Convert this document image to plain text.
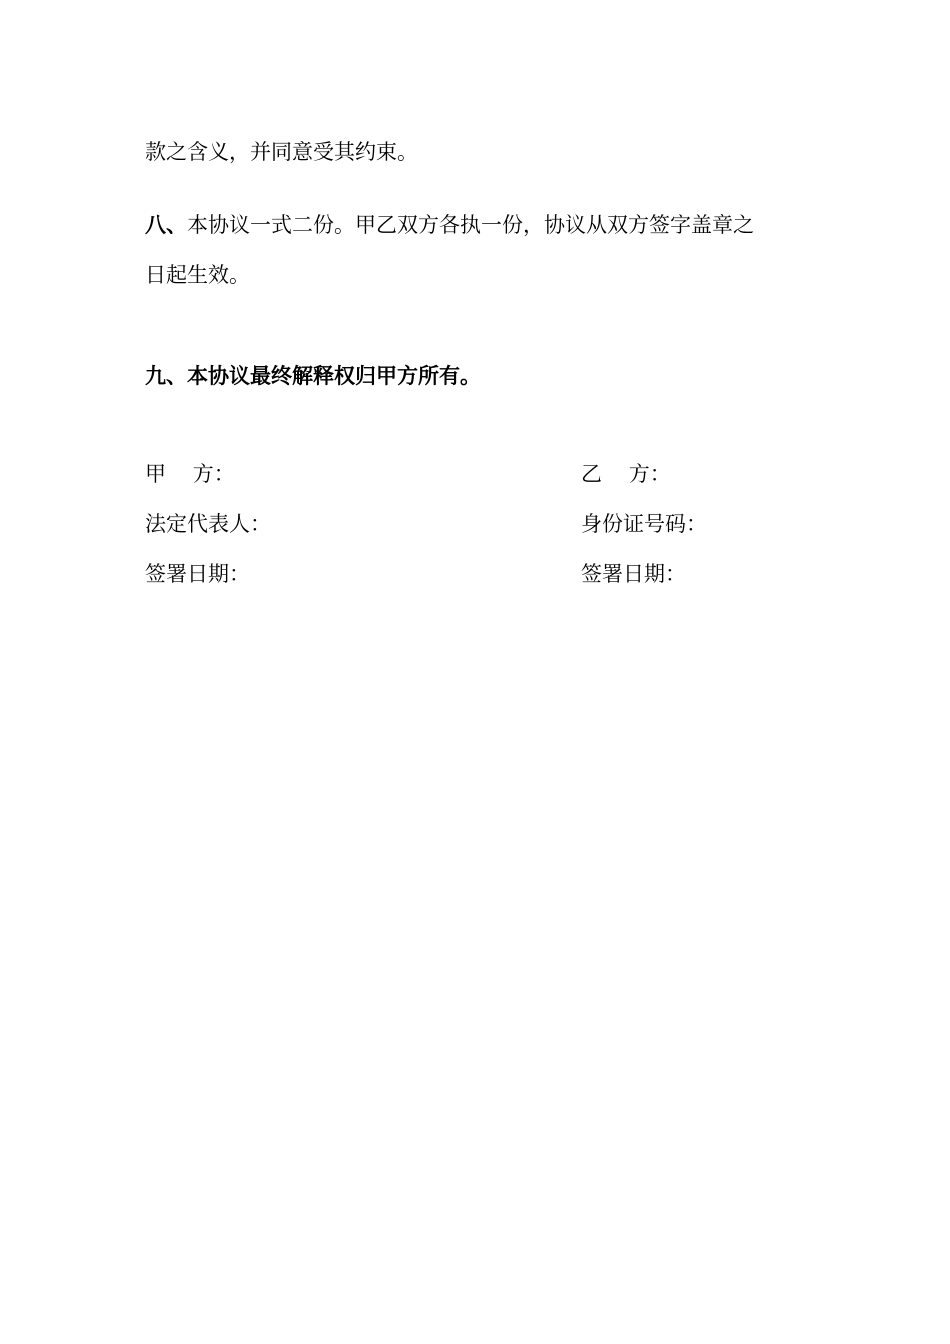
款之含义，并同意受其约束。
八、本协议一式二份。甲乙双方各执一份，协议从双方签字盖章之
日起生效。
九、本协议最终解释权归甲方所有。
甲    方：	乙    方：
法定代表人：	身份证号码：
签署日期：	签署日期：
